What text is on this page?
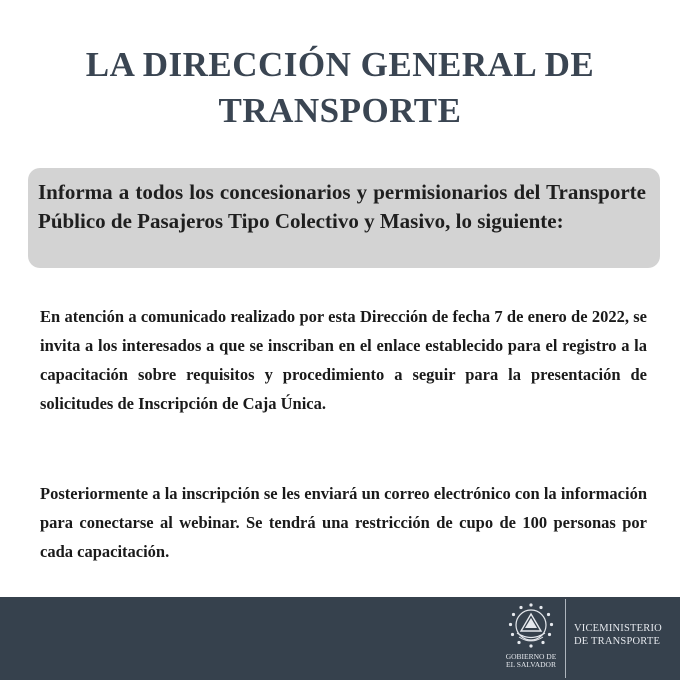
LA DIRECCIÓN GENERAL DE
TRANSPORTE
Informa a todos los concesionarios y permisionarios del Transporte Público de Pasajeros Tipo Colectivo y Masivo, lo siguiente:
En atención a comunicado realizado por esta Dirección de fecha 7 de enero de 2022, se invita a los interesados a que se inscriban en el enlace establecido para el registro a la capacitación sobre requisitos y procedimiento a seguir para la presentación de solicitudes de Inscripción de Caja Única.
Posteriormente a la inscripción se les enviará un correo electrónico con la información para conectarse al webinar. Se tendrá una restricción de cupo de 100 personas por cada capacitación.
GOBIERNO DE
EL SALVADOR
VICEMINISTERIO
DE TRANSPORTE
